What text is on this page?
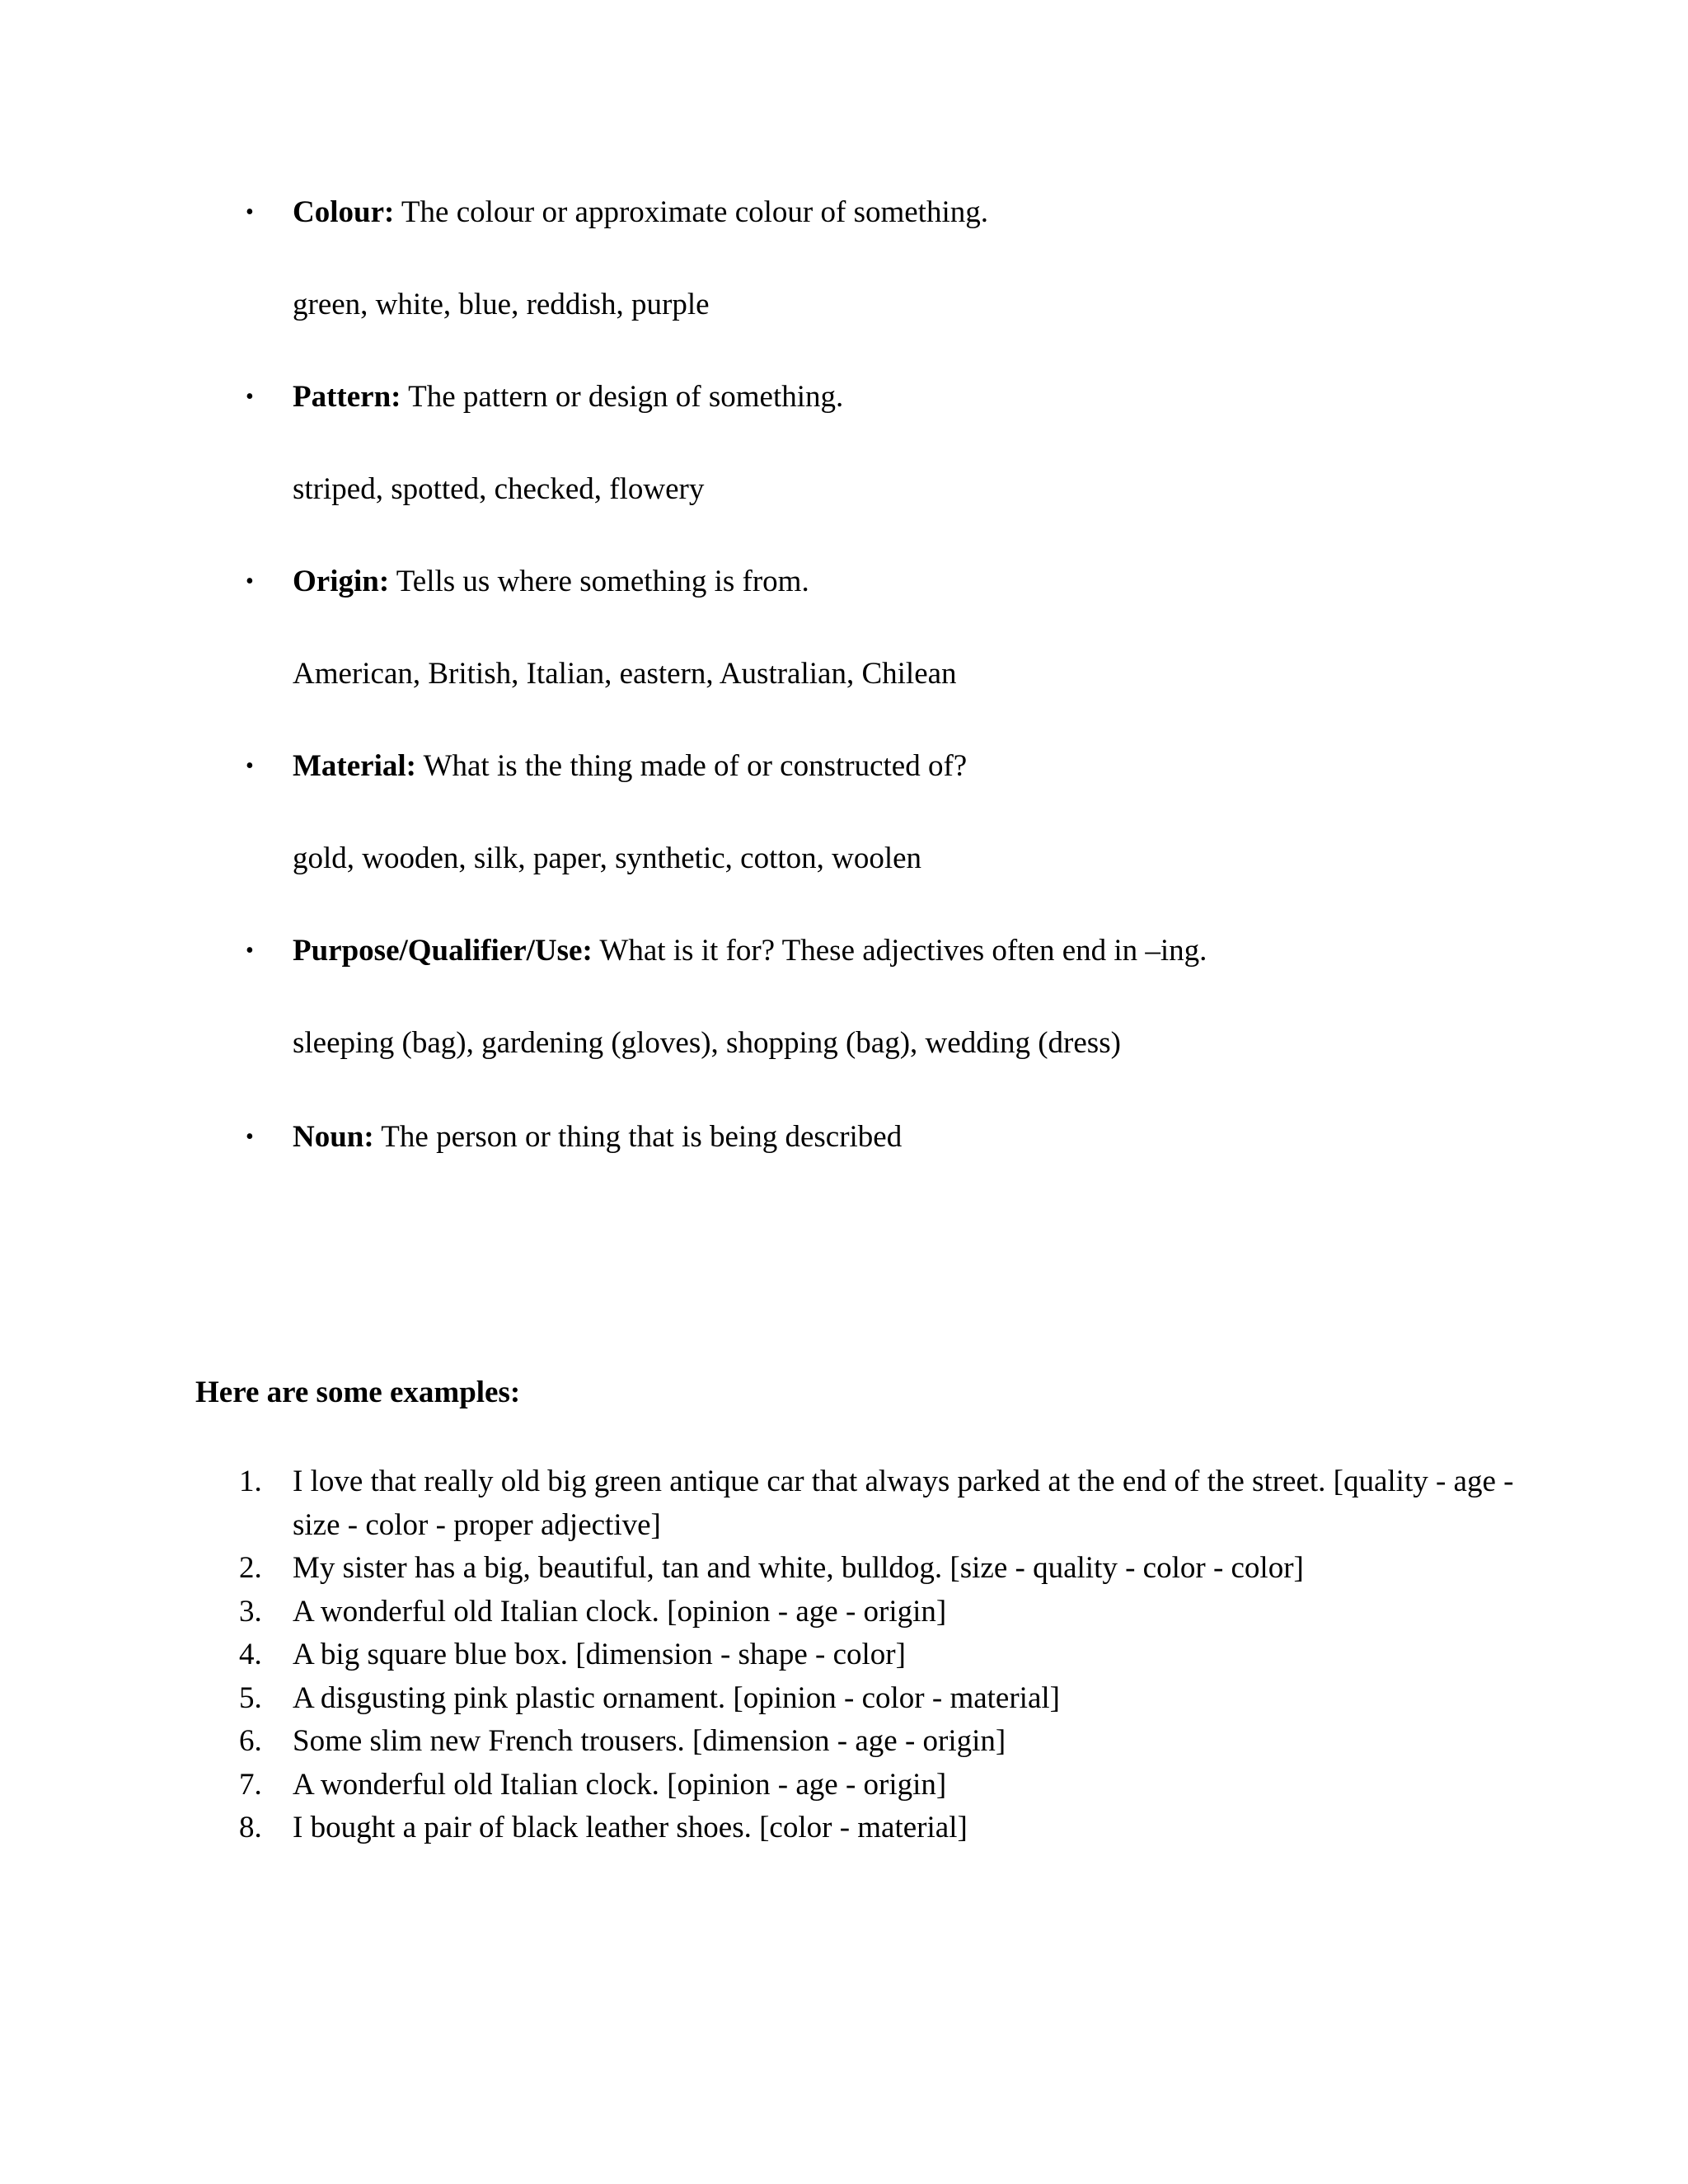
•	Colour: The colour or approximate colour of something.
green, white, blue, reddish, purple
•	Pattern: The pattern or design of something.
striped, spotted, checked, flowery
•	Origin: Tells us where something is from.
American, British, Italian, eastern, Australian, Chilean
•	Material: What is the thing made of or constructed of?
gold, wooden, silk, paper, synthetic, cotton, woolen
•	Purpose/Qualifier/Use: What is it for? These adjectives often end in –ing.
sleeping (bag), gardening (gloves), shopping (bag), wedding (dress)
•	Noun: The person or thing that is being described
Here are some examples:
1. I love that really old big green antique car that always parked at the end of the street. [quality - age - size - color - proper adjective]
2. My sister has a big, beautiful, tan and white, bulldog. [size - quality - color - color]
3. A wonderful old Italian clock. [opinion - age - origin]
4. A big square blue box. [dimension - shape - color]
5. A disgusting pink plastic ornament. [opinion - color - material]
6. Some slim new French trousers. [dimension - age - origin]
7. A wonderful old Italian clock. [opinion - age - origin]
8. I bought a pair of black leather shoes. [color - material]
